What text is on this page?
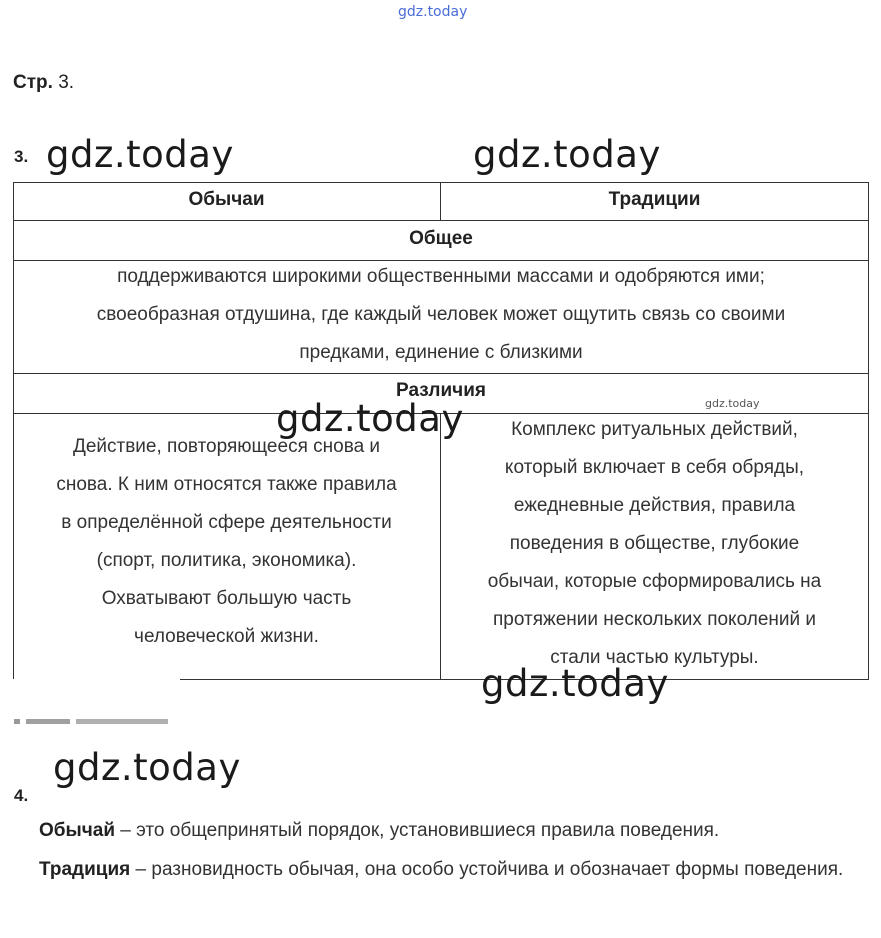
gdz.today
Стр. 3.
3. gdz.today	gdz.today
Обычаи	Традиции
Общее
поддерживаются широкими общественными массами и одобряются ими;
своеобразная отдушина, где каждый человек может ощутить связь со своими
предками, единение с близкими
Различия
Действие, повторяющееся снова и
снова. К ним относятся также правила
в определённой сфере деятельности
(спорт, политика, экономика).
Охватывают большую часть
человеческой жизни.
Комплекс ритуальных действий,
который включает в себя обряды,
ежедневные действия, правила
поведения в обществе, глубокие
обычаи, которые сформировались на
протяжении нескольких поколений и
стали частью культуры.
gdz.today
gdz.today
gdz.today
gdz.today
4.
Обычай – это общепринятый порядок, установившиеся правила поведения.
Традиция – разновидность обычая, она особо устойчива и обозначает формы поведения.
